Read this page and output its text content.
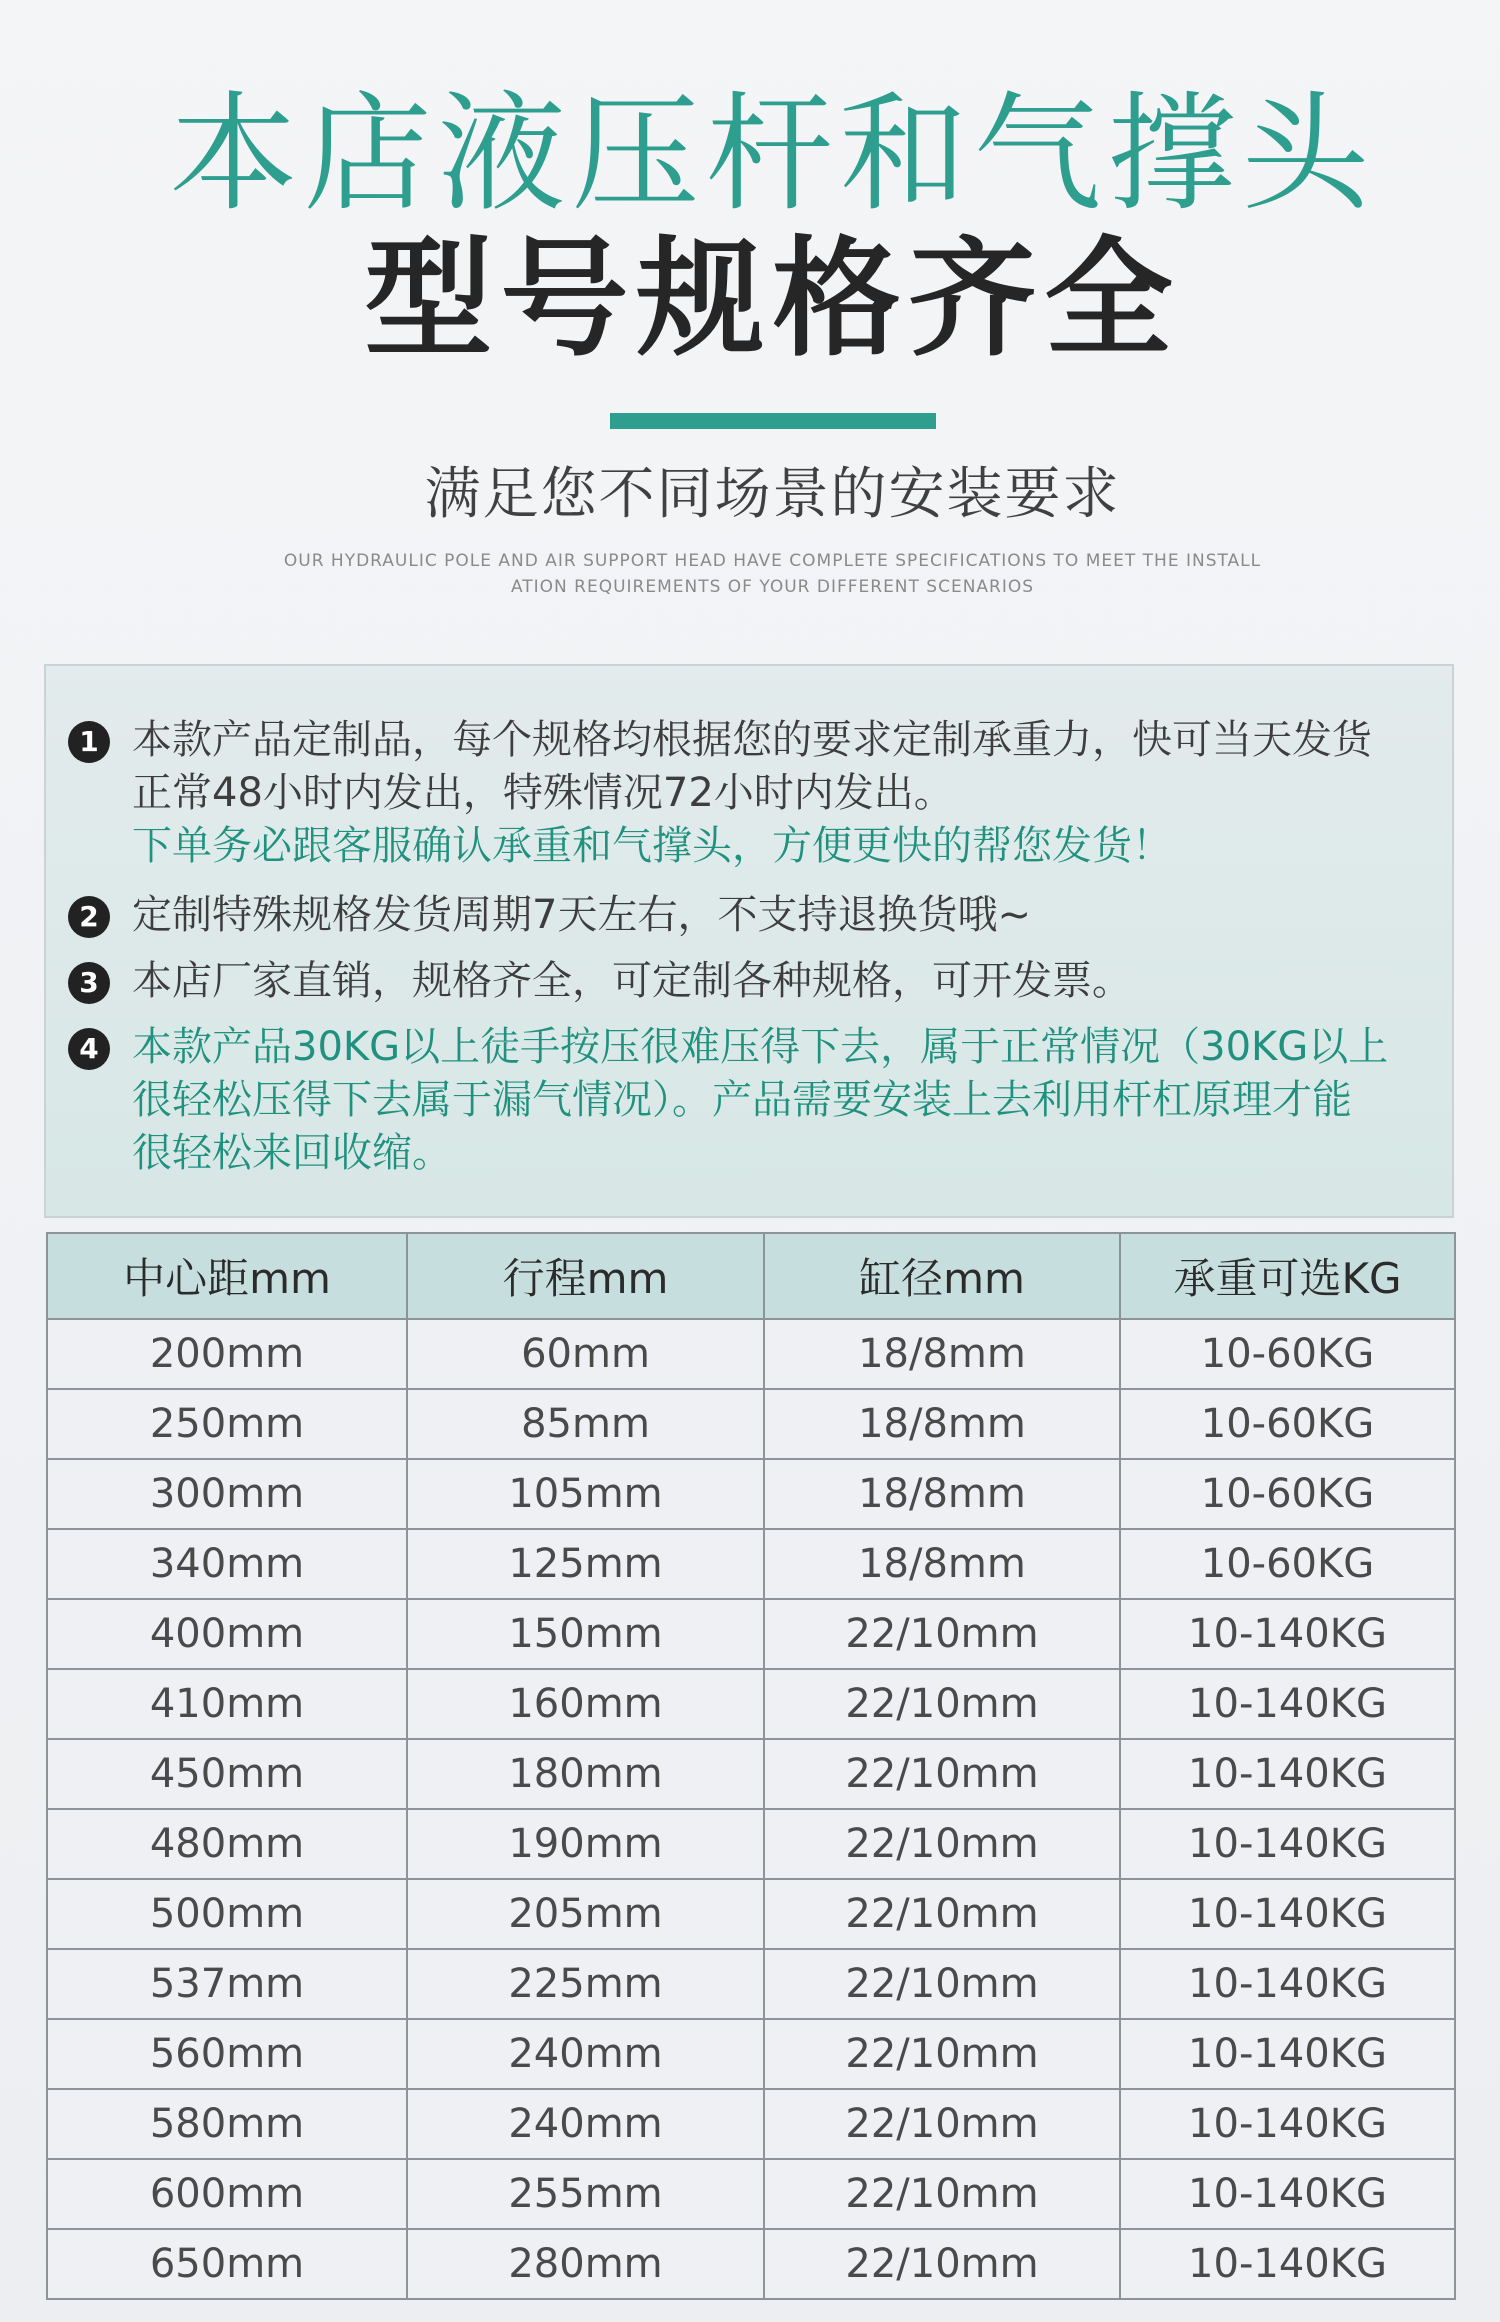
本店液压杆和气撑头
型号规格齐全
满足您不同场景的安装要求
OUR HYDRAULIC POLE AND AIR SUPPORT HEAD HAVE COMPLETE SPECIFICATIONS TO MEET THE INSTALL
ATION REQUIREMENTS OF YOUR DIFFERENT SCENARIOS
1 本款产品定制品，每个规格均根据您的要求定制承重力，快可当天发货
正常48小时内发出，特殊情况72小时内发出。
下单务必跟客服确认承重和气撑头，方便更快的帮您发货！
2 定制特殊规格发货周期7天左右，不支持退换货哦~
3 本店厂家直销，规格齐全，可定制各种规格，可开发票。
4 本款产品30KG以上徒手按压很难压得下去，属于正常情况（30KG以上
很轻松压得下去属于漏气情况）。产品需要安装上去利用杆杠原理才能
很轻松来回收缩。
中心距mm	行程mm	缸径mm	承重可选KG
200mm	60mm	18/8mm	10-60KG
250mm	85mm	18/8mm	10-60KG
300mm	105mm	18/8mm	10-60KG
340mm	125mm	18/8mm	10-60KG
400mm	150mm	22/10mm	10-140KG
410mm	160mm	22/10mm	10-140KG
450mm	180mm	22/10mm	10-140KG
480mm	190mm	22/10mm	10-140KG
500mm	205mm	22/10mm	10-140KG
537mm	225mm	22/10mm	10-140KG
560mm	240mm	22/10mm	10-140KG
580mm	240mm	22/10mm	10-140KG
600mm	255mm	22/10mm	10-140KG
650mm	280mm	22/10mm	10-140KG
